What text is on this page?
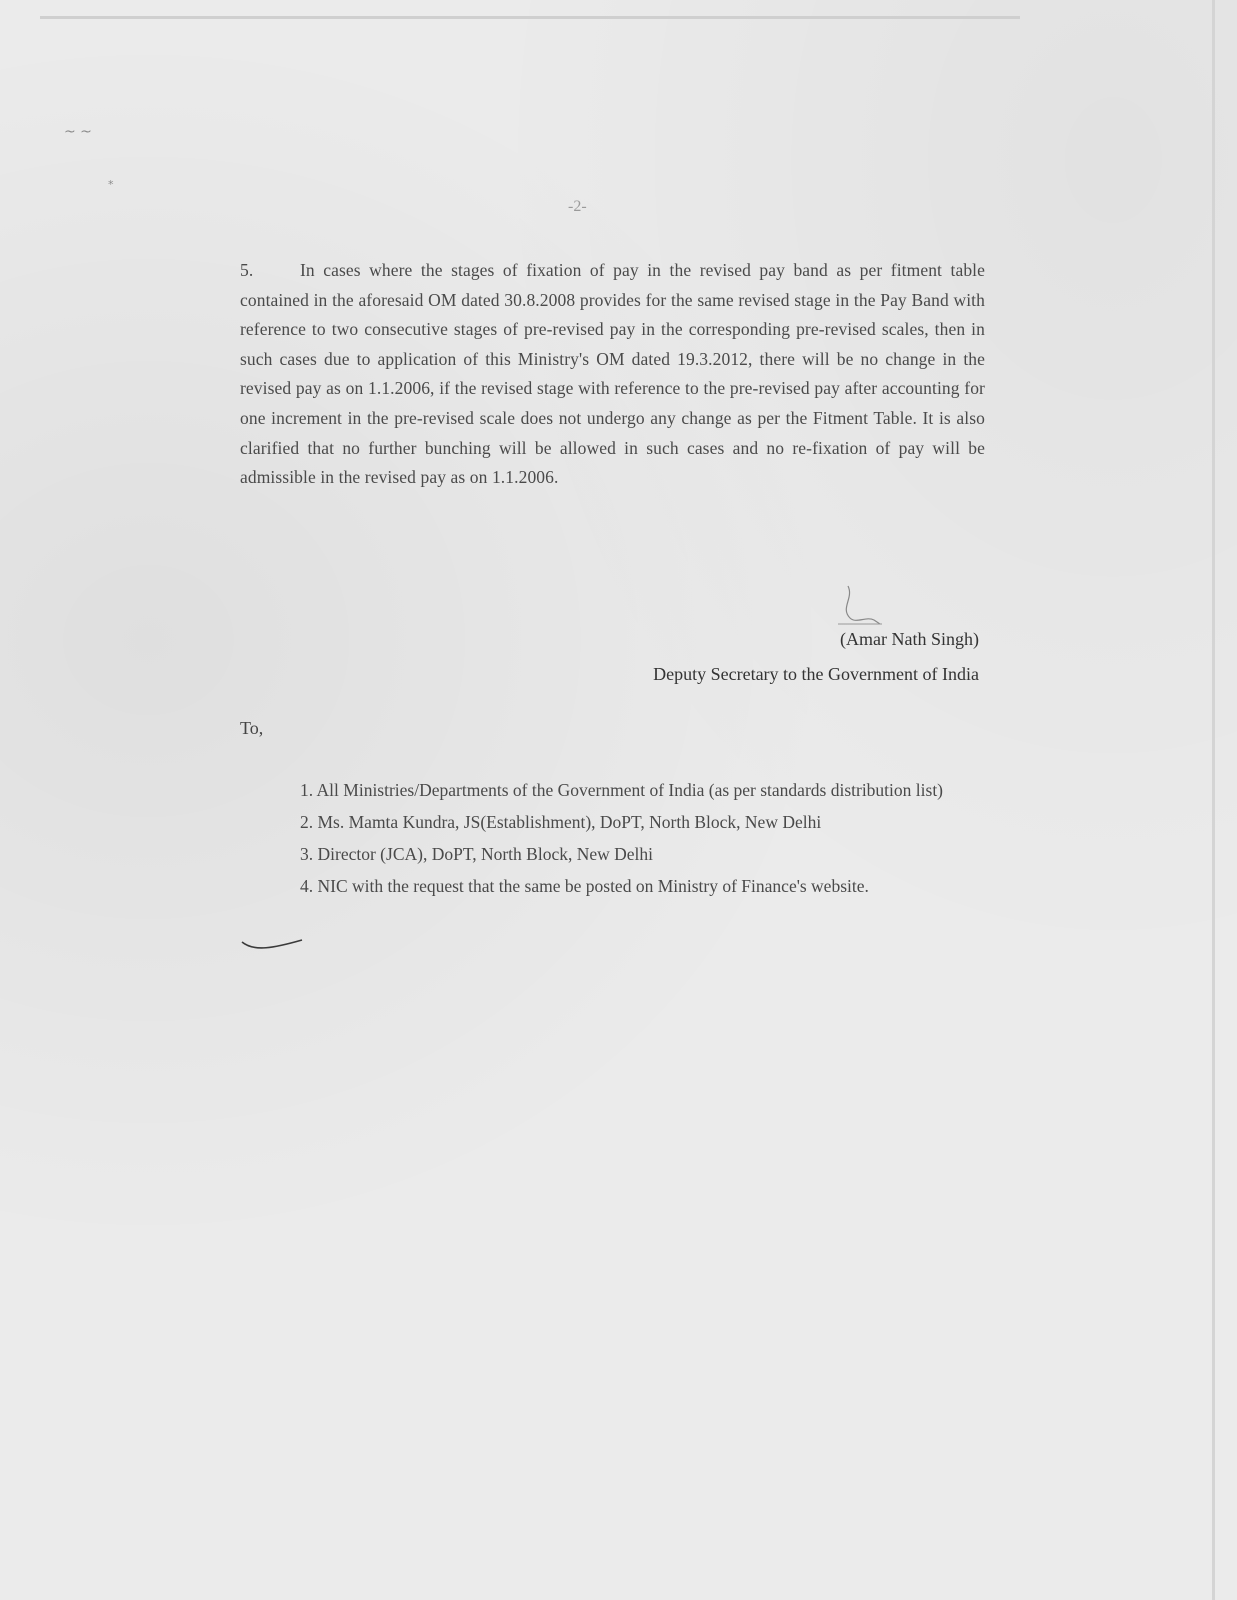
~ ~
*
-2-
5.	In cases where the stages of fixation of pay in the revised pay band as per fitment table contained in the aforesaid OM dated 30.8.2008 provides for the same revised stage in the Pay Band with reference to two consecutive stages of pre-revised pay in the corresponding pre-revised scales, then in such cases due to application of this Ministry's OM dated 19.3.2012, there will be no change in the revised pay as on 1.1.2006, if the revised stage with reference to the pre-revised pay after accounting for one increment in the pre-revised scale does not undergo any change as per the Fitment Table. It is also clarified that no further bunching will be allowed in such cases and no re-fixation of pay will be admissible in the revised pay as on 1.1.2006.
(Amar Nath Singh)
Deputy Secretary to the Government of India
To,
1. All Ministries/Departments of the Government of India (as per standards distribution list)
2. Ms. Mamta Kundra, JS(Establishment), DoPT, North Block, New Delhi
3. Director (JCA), DoPT, North Block, New Delhi
4. NIC with the request that the same be posted on Ministry of Finance's website.
